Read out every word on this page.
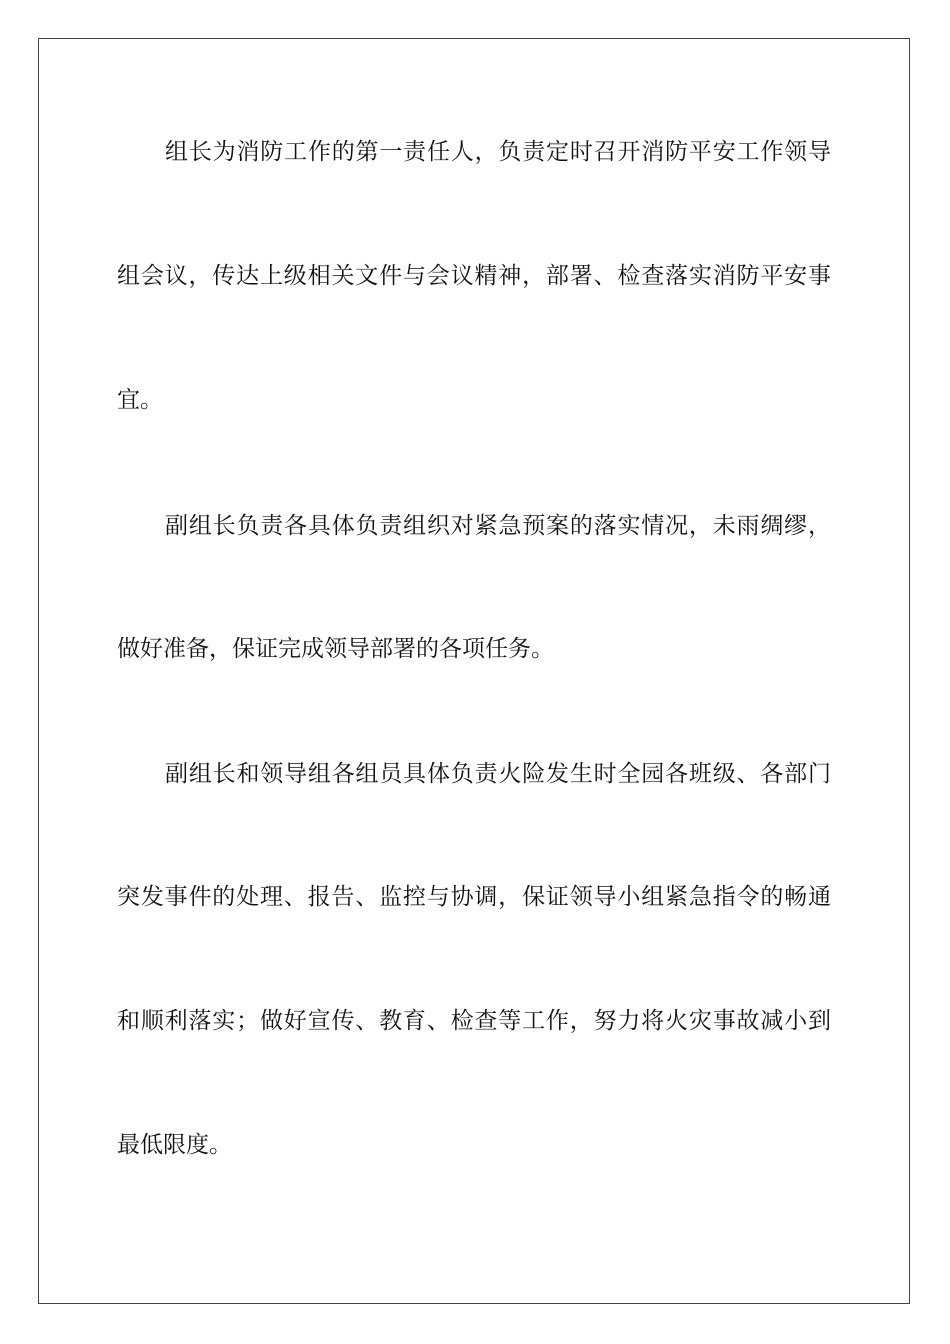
组长为消防工作的第一责任人，负责定时召开消防平安工作领导
组会议，传达上级相关文件与会议精神，部署、检查落实消防平安事
宜。
副组长负责各具体负责组织对紧急预案的落实情况，未雨绸缪，
做好准备，保证完成领导部署的各项任务。
副组长和领导组各组员具体负责火险发生时全园各班级、各部门
突发事件的处理、报告、监控与协调，保证领导小组紧急指令的畅通
和顺利落实；做好宣传、教育、检查等工作，努力将火灾事故减小到
最低限度。
